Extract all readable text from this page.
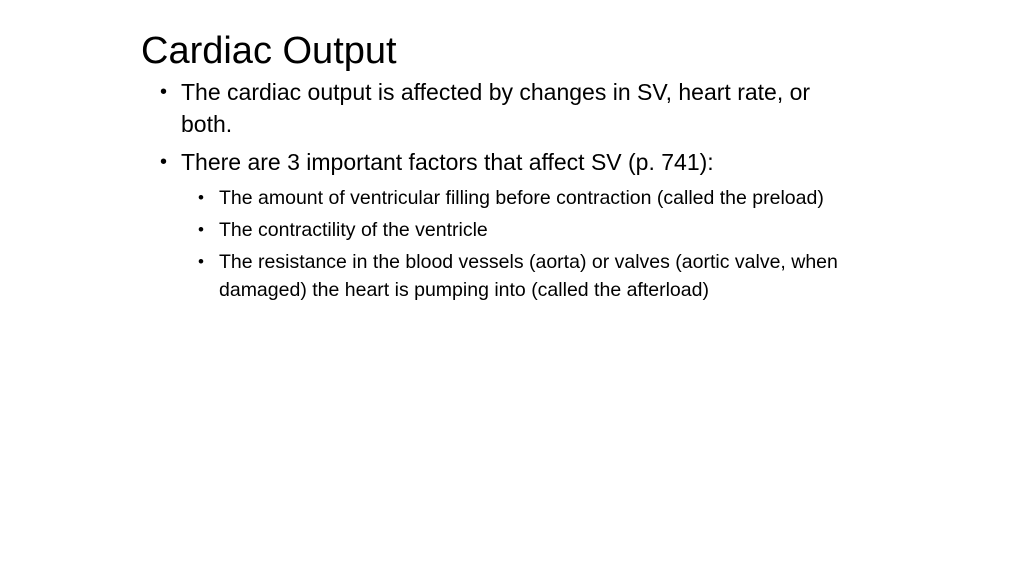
Cardiac Output
• The cardiac output is affected by changes in SV, heart rate, or both.
• There are 3 important factors that affect SV (p. 741):
• The amount of ventricular filling before contraction (called the preload)
• The contractility of the ventricle
• The resistance in the blood vessels (aorta) or valves (aortic valve, when damaged) the heart is pumping into (called the afterload)
